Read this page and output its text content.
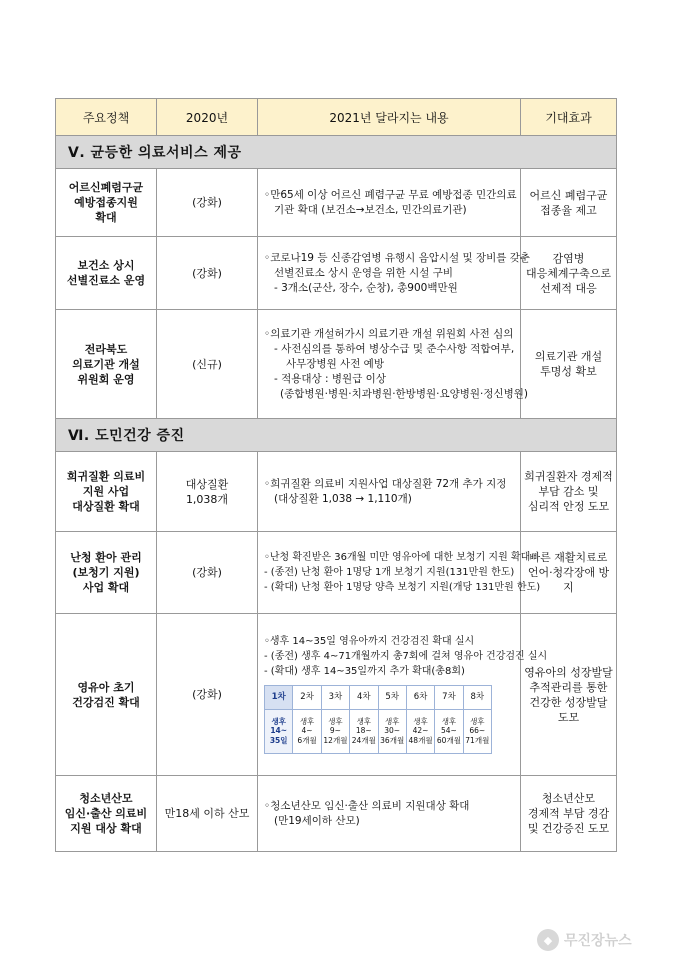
주요정책	2020년	2021년 달라지는 내용	기대효과
Ⅴ. 균등한 의료서비스 제공
어르신폐렴구균
예방접종지원
확대	(강화)	
◦만65세 이상 어르신 폐렴구균 무료 예방접종 민간의료
기관 확대 (보건소→보건소, 민간의료기관)
	어르신 폐렴구균
접종율 제고
보건소 상시
선별진료소 운영	(강화)	
◦코로나19 등 신종감염병 유행시 음압시설 및 장비를 갖춘
선별진료소 상시 운영을 위한 시설 구비
- 3개소(군산, 장수, 순창), 총900백만원
	감염병
대응체계구축으로
선제적 대응
전라북도
의료기관 개설
위원회 운영	(신규)	
◦의료기관 개설허가시 의료기관 개설 위원회 사전 심의
- 사전심의를 통하여 병상수급 및 준수사항 적합여부,
사무장병원 사전 예방
- 적용대상 : 병원급 이상
(종합병원·병원·치과병원·한방병원·요양병원·정신병원)
	의료기관 개설
투명성 확보
Ⅵ. 도민건강 증진
희귀질환 의료비
지원 사업
대상질환 확대	대상질환
1,038개	
◦희귀질환 의료비 지원사업 대상질환 72개 추가 지정
(대상질환 1,038 → 1,110개)
	희귀질환자 경제적
부담 감소 및
심리적 안정 도모
난청 환아 관리
(보청기 지원)
사업 확대	(강화)	
◦난청 확진받은 36개월 미만 영유아에 대한 보청기 지원 확대
- (종전) 난청 환아 1명당 1개 보청기 지원(131만원 한도)
- (확대) 난청 환아 1명당 양측 보청기 지원(개당 131만원 한도)
	빠른 재활치료로
언어·청각장애 방지
영유아 초기
건강검진 확대	(강화)	
◦생후 14~35일 영유아까지 건강검진 확대 실시
- (종전) 생후 4~71개월까지 총7회에 걸쳐 영유아 건강검진 실시
- (확대) 생후 14~35일까지 추가 확대(총8회)
1차	2차	3차	4차	5차	6차	7차	8차
생후
14~
35일	생후
4~
6개월	생후
9~
12개월	생후
18~
24개월	생후
30~
36개월	생후
42~
48개월	생후
54~
60개월	생후
66~
71개월
	영유아의 성장발달
추적관리를 통한
건강한 성장발달
도모
청소년산모
임신·출산 의료비
지원 대상 확대	만18세 이하 산모	
◦청소년산모 임신·출산 의료비 지원대상 확대
(만19세이하 산모)
	청소년산모
경제적 부담 경감
및 건강증진 도모
◆ 무진장뉴스
